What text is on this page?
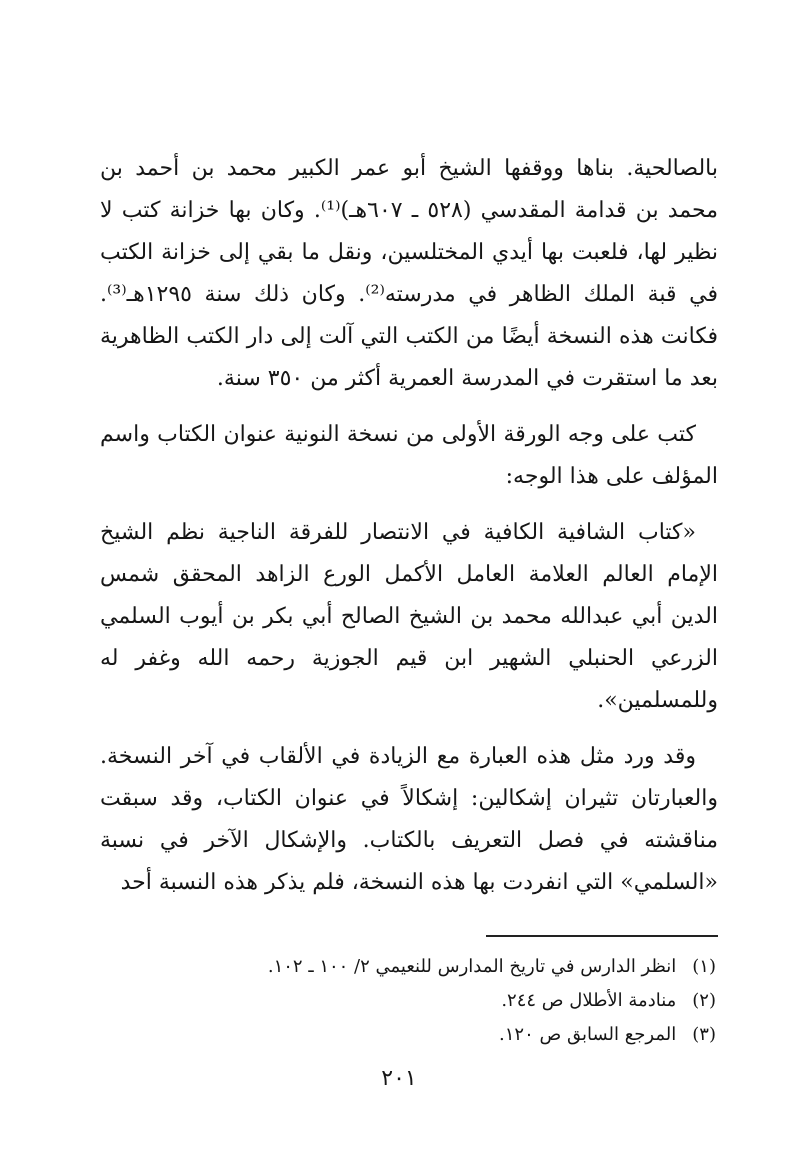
بالصالحية. بناها ووقفها الشيخ أبو عمر الكبير محمد بن أحمد بن محمد بن قدامة المقدسي (٥٢٨ ـ ٦٠٧هـ)⁽¹⁾. وكان بها خزانة كتب لا نظير لها، فلعبت بها أيدي المختلسين، ونقل ما بقي إلى خزانة الكتب في قبة الملك الظاهر في مدرسته⁽²⁾. وكان ذلك سنة ١٢٩٥هـ⁽³⁾. فكانت هذه النسخة أيضًا من الكتب التي آلت إلى دار الكتب الظاهرية بعد ما استقرت في المدرسة العمرية أكثر من ٣٥٠ سنة.

كتب على وجه الورقة الأولى من نسخة النونية عنوان الكتاب واسم المؤلف على هذا الوجه:

«كتاب الشافية الكافية في الانتصار للفرقة الناجية نظم الشيخ الإمام العالم العلامة العامل الأكمل الورع الزاهد المحقق شمس الدين أبي عبدالله محمد بن الشيخ الصالح أبي بكر بن أيوب السلمي الزرعي الحنبلي الشهير ابن قيم الجوزية رحمه الله وغفر له وللمسلمين».

وقد ورد مثل هذه العبارة مع الزيادة في الألقاب في آخر النسخة. والعبارتان تثيران إشكالين: إشكالاً في عنوان الكتاب، وقد سبقت مناقشته في فصل التعريف بالكتاب. والإشكال الآخر في نسبة «السلمي» التي انفردت بها هذه النسخة، فلم يذكر هذه النسبة أحد

(١) انظر الدارس في تاريخ المدارس للنعيمي ٢/ ١٠٠ ـ ١٠٢.
(٢) منادمة الأطلال ص ٢٤٤.
(٣) المرجع السابق ص ١٢٠.
٢٠١
